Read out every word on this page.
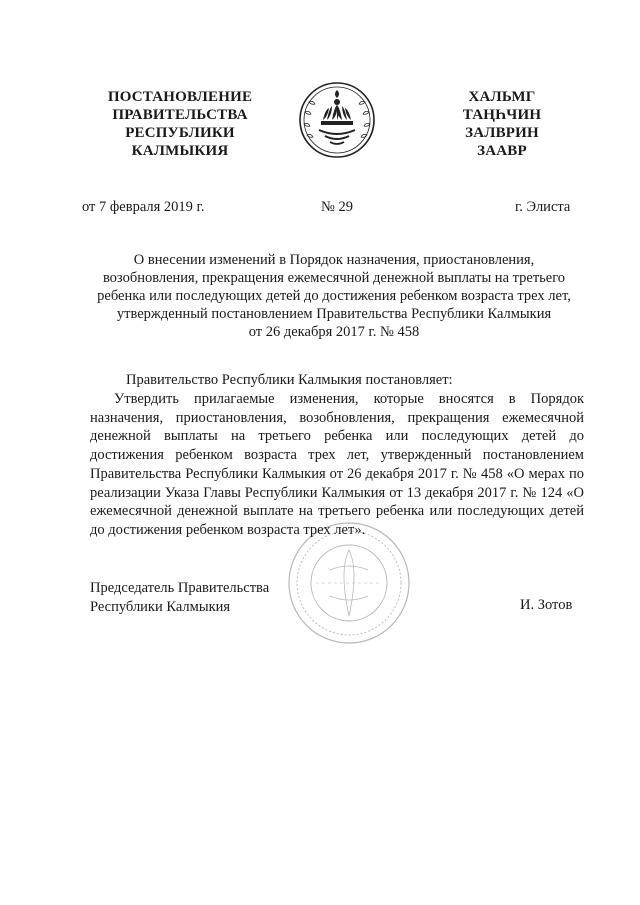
ПОСТАНОВЛЕНИЕ
ПРАВИТЕЛЬСТВА
РЕСПУБЛИКИ
КАЛМЫКИЯ
ХАЛЬМГ
ТАҢҺЧИН
ЗАЛВРИН
ЗААВР
от 7 февраля 2019 г.	№ 29	г. Элиста
О внесении изменений в Порядок назначения, приостановления,
возобновления, прекращения ежемесячной денежной выплаты на третьего
ребенка или последующих детей до достижения ребенком возраста трех лет,
утвержденный постановлением Правительства Республики Калмыкия
от 26 декабря 2017 г. № 458
Правительство Республики Калмыкия постановляет:
Утвердить прилагаемые изменения, которые вносятся в Порядок назначения, приостановления, возобновления, прекращения ежемесячной денежной выплаты на третьего ребенка или последующих детей до достижения ребенком возраста трех лет, утвержденный постановлением Правительства Республики Калмыкия от 26 декабря 2017 г. № 458 «О мерах по реализации Указа Главы Республики Калмыкия от 13 декабря 2017 г. № 124 «О ежемесячной денежной выплате на третьего ребенка или последующих детей до достижения ребенком возраста трех лет».
Председатель Правительства
Республики Калмыкия	И. Зотов
